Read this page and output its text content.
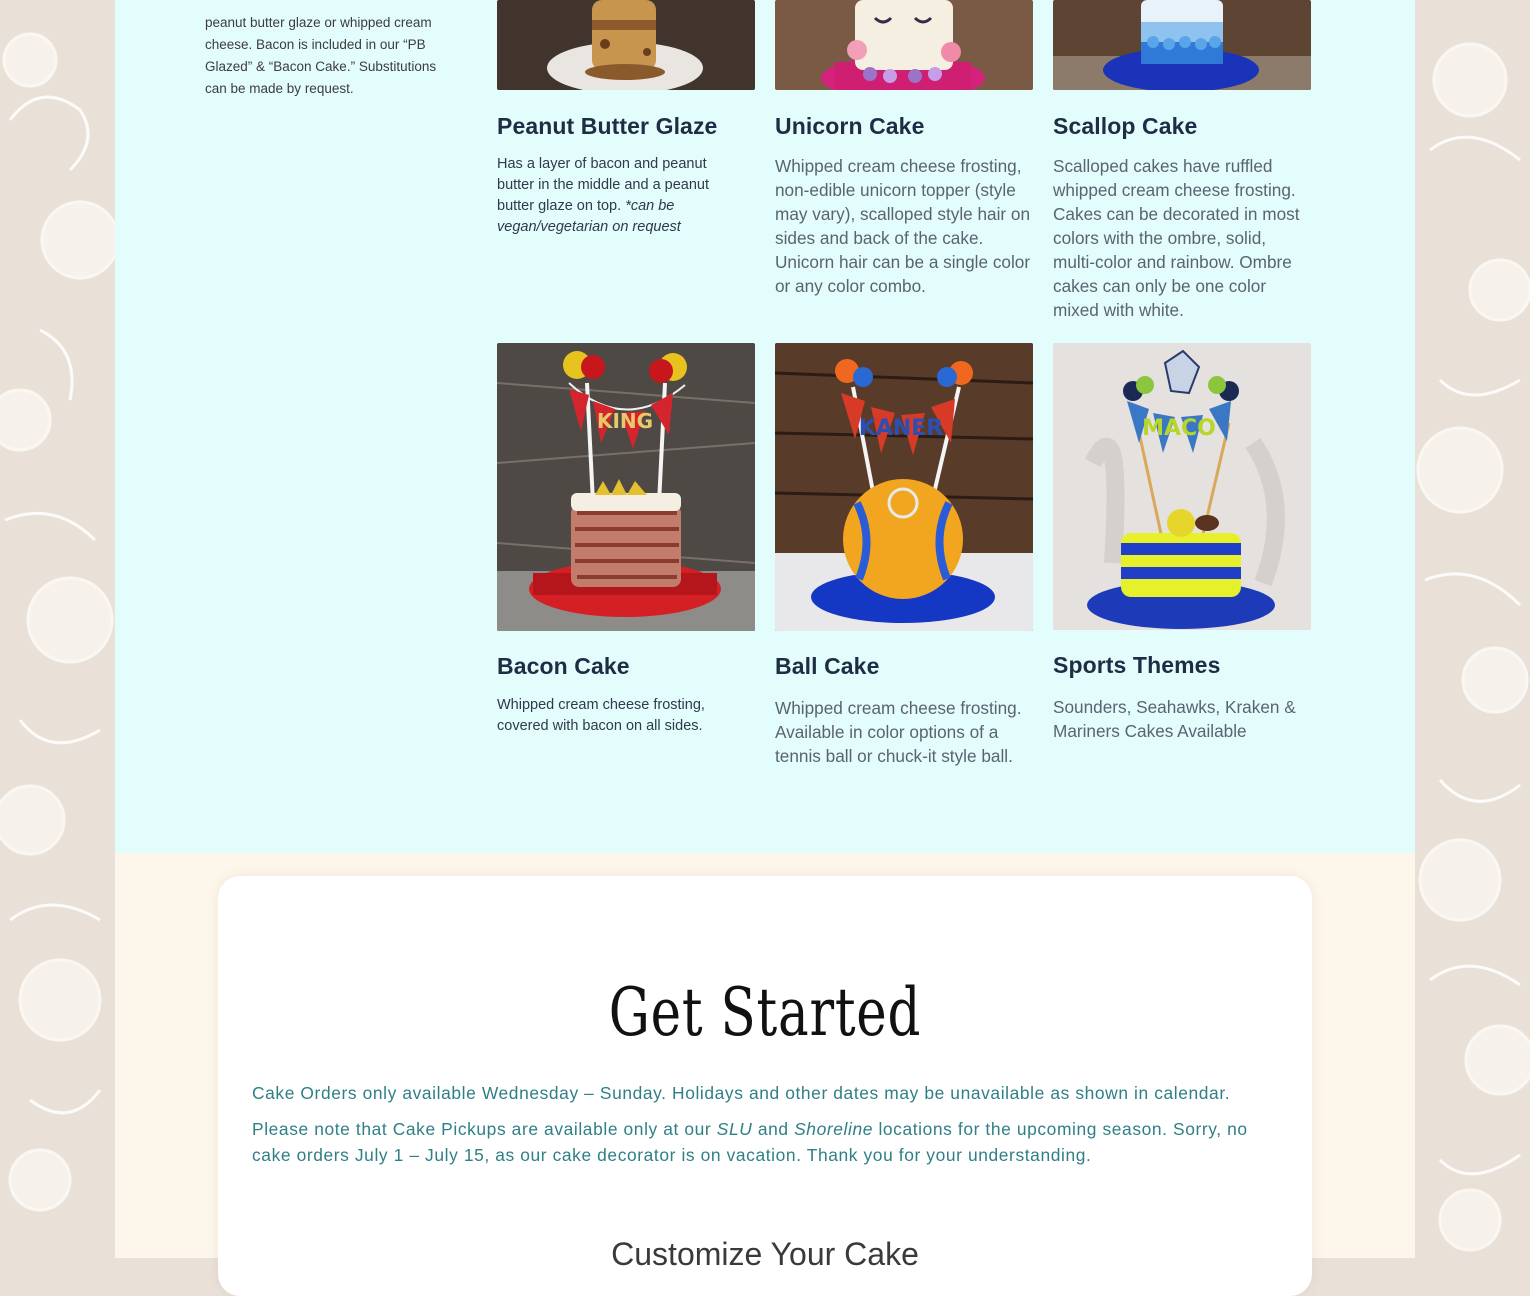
peanut butter glaze or whipped cream cheese. Bacon is included in our “PB Glazed” & “Bacon Cake.” Substitutions can be made by request.

Peanut Butter Glaze

Has a layer of bacon and peanut butter in the middle and a peanut butter glaze on top. *can be vegan/vegetarian on request

Unicorn Cake

Whipped cream cheese frosting, non-edible unicorn topper (style may vary), scalloped style hair on sides and back of the cake. Unicorn hair can be a single color or any color combo.

Scallop Cake

Scalloped cakes have ruffled whipped cream cheese frosting. Cakes can be decorated in most colors with the ombre, solid, multi-color and rainbow. Ombre cakes can only be one color mixed with white.

KING
Bacon Cake

Whipped cream cheese frosting, covered with bacon on all sides.

KANER
Ball Cake

Whipped cream cheese frosting. Available in color options of a tennis ball or chuck-it style ball.

MACO
Sports Themes

Sounders, Seahawks, Kraken & Mariners Cakes Available

Get Started

Cake Orders only available Wednesday – Sunday. Holidays and other dates may be unavailable as shown in calendar.

Please note that Cake Pickups are available only at our SLU and Shoreline locations for the upcoming season. Sorry, no cake orders July 1 – July 15, as our cake decorator is on vacation. Thank you for your understanding.

Customize Your Cake
